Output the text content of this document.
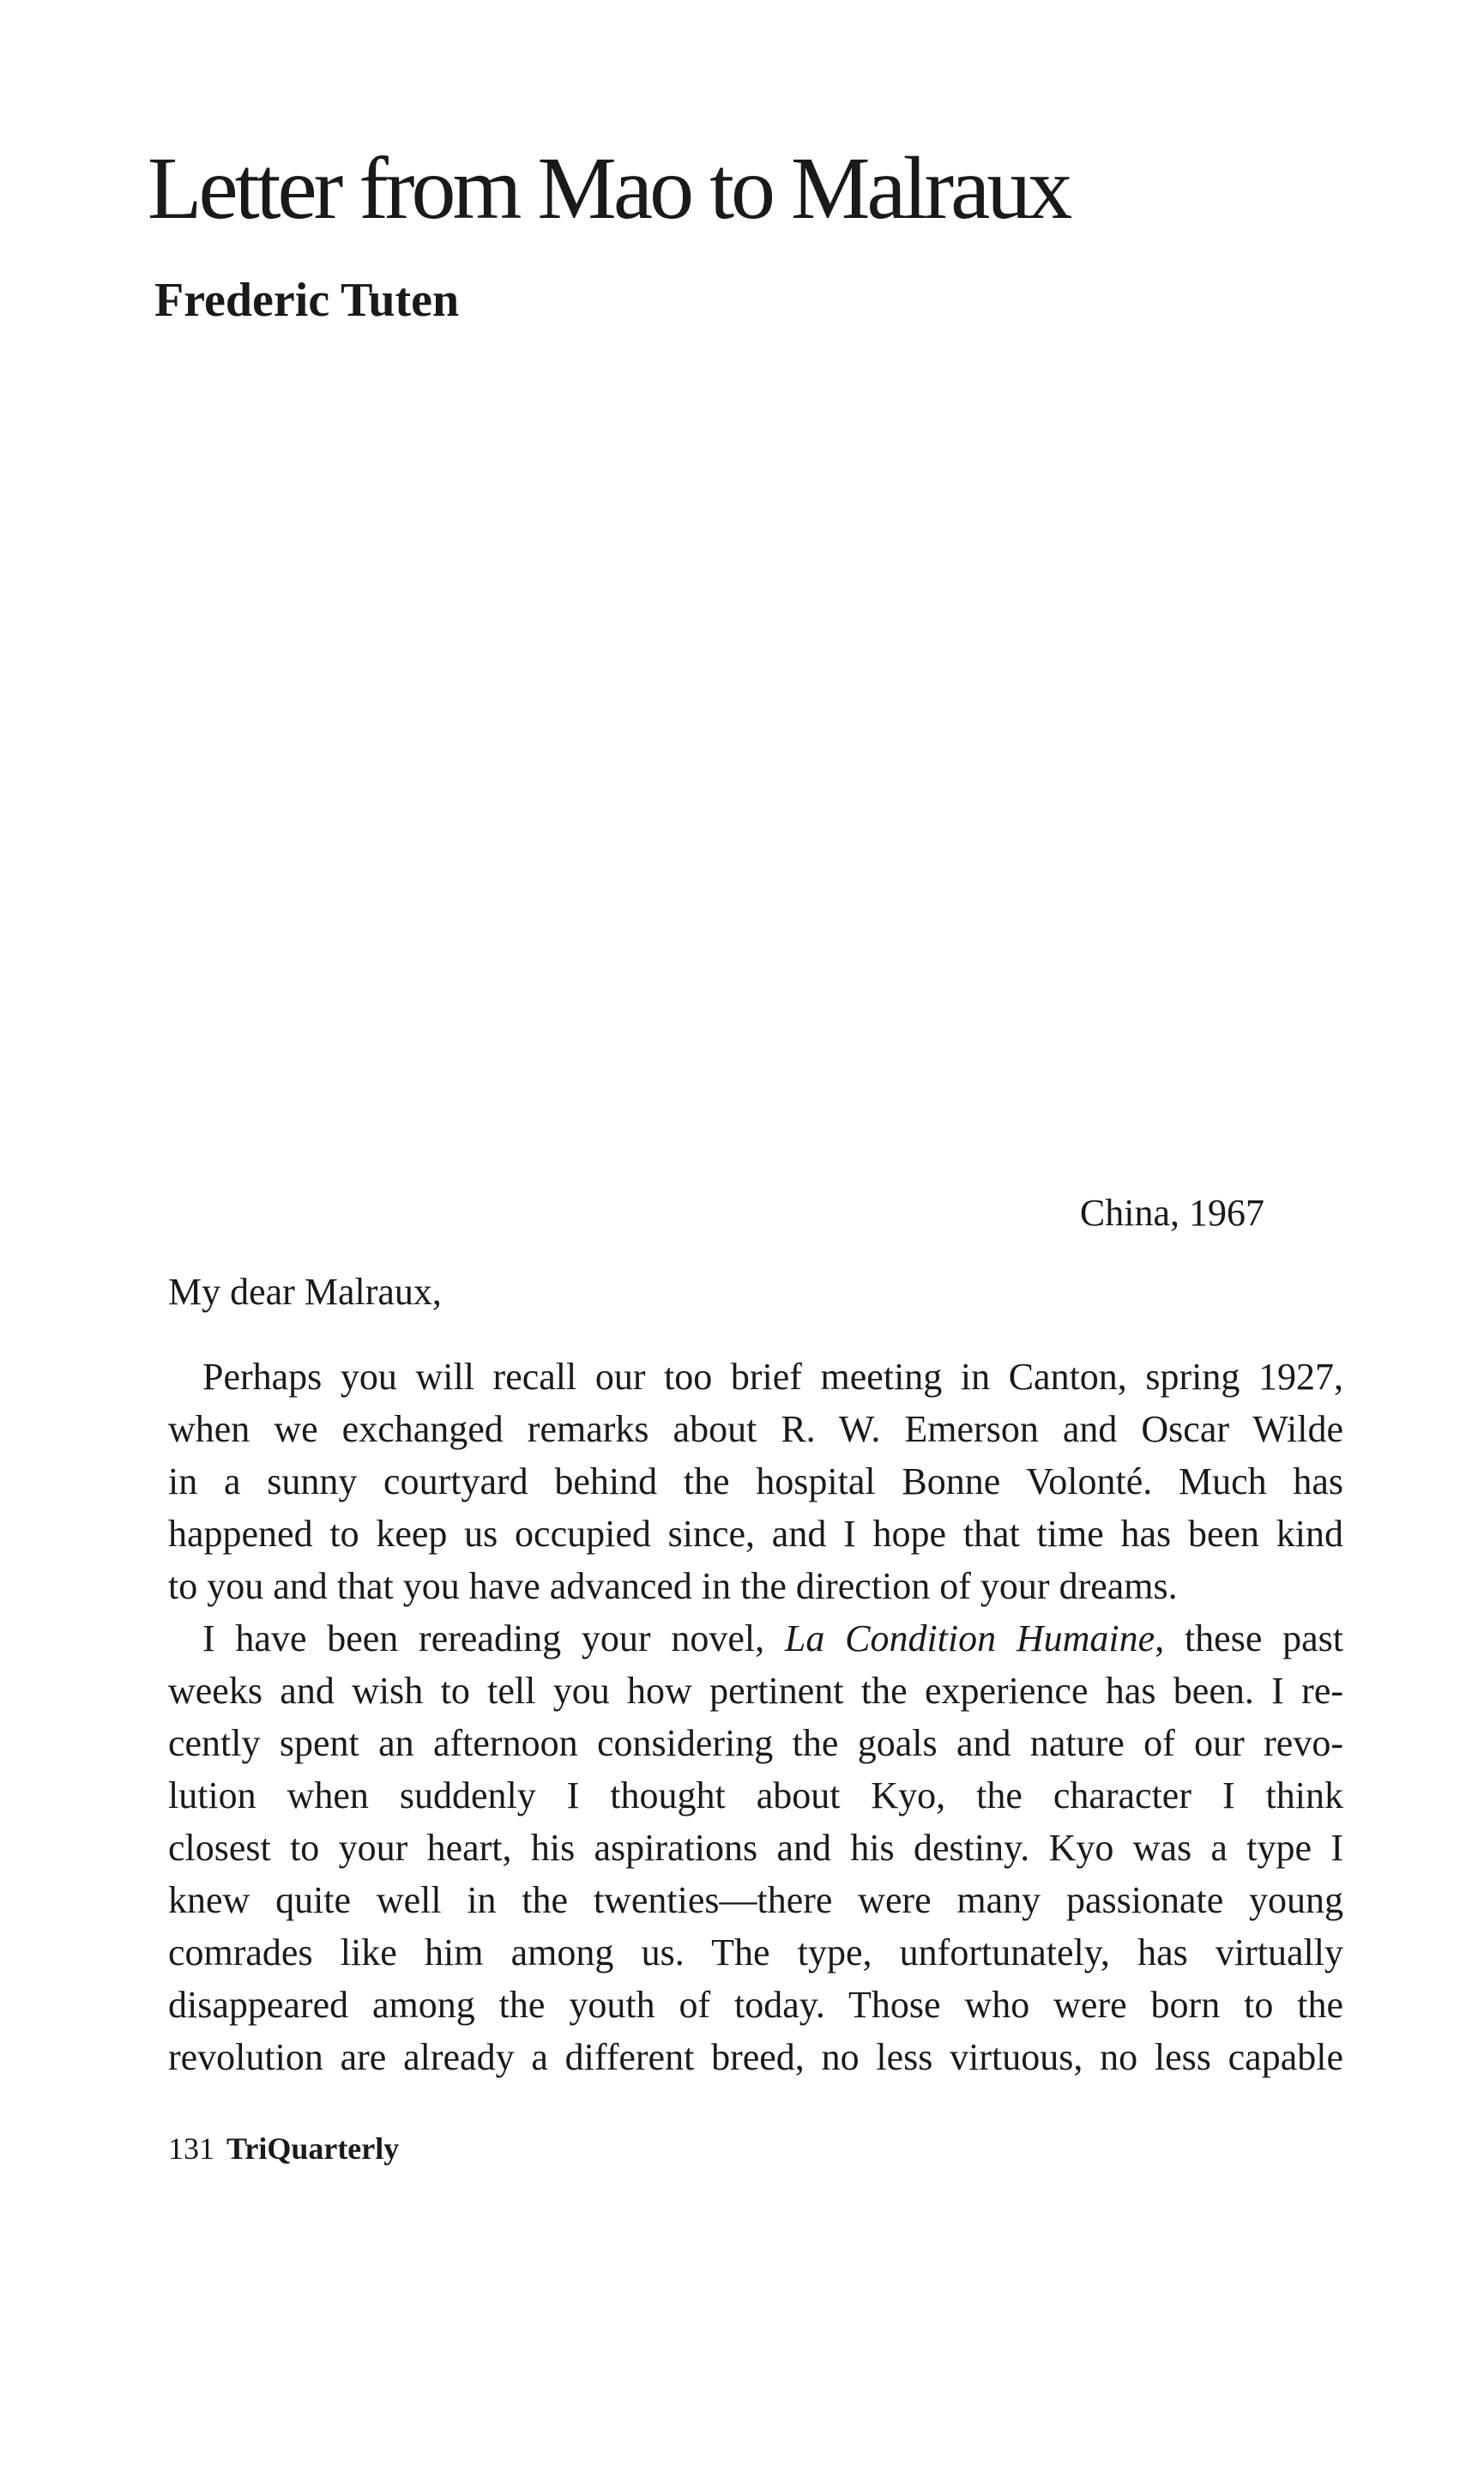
Letter from Mao to Malraux
Frederic Tuten
China, 1967
My dear Malraux,
Perhaps you will recall our too brief meeting in Canton, spring 1927,
when we exchanged remarks about R. W. Emerson and Oscar Wilde
in a sunny courtyard behind the hospital Bonne Volonté. Much has
happened to keep us occupied since, and I hope that time has been kind
to you and that you have advanced in the direction of your dreams.
I have been rereading your novel, La Condition Humaine, these past
weeks and wish to tell you how pertinent the experience has been. I re-
cently spent an afternoon considering the goals and nature of our revo-
lution when suddenly I thought about Kyo, the character I think
closest to your heart, his aspirations and his destiny. Kyo was a type I
knew quite well in the twenties—there were many passionate young
comrades like him among us. The type, unfortunately, has virtually
disappeared among the youth of today. Those who were born to the
revolution are already a different breed, no less virtuous, no less capable
131 TriQuarterly
